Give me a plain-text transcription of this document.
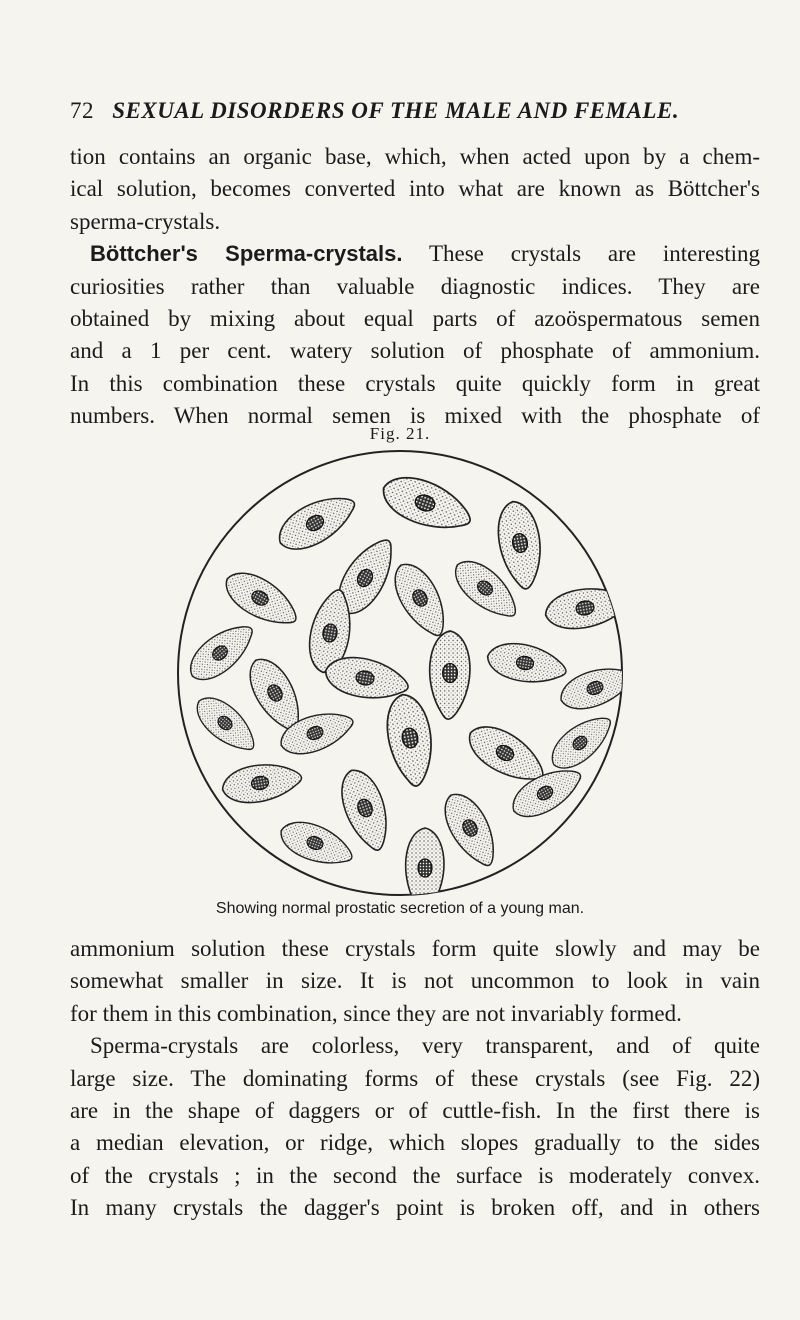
72 SEXUAL DISORDERS OF THE MALE AND FEMALE.
tion contains an organic base, which, when acted upon by a chem-
ical solution, becomes converted into what are known as Böttcher's
sperma-crystals.
Böttcher's Sperma-crystals. These crystals are interesting
curiosities rather than valuable diagnostic indices. They are
obtained by mixing about equal parts of azoöspermatous semen
and a 1 per cent. watery solution of phosphate of ammonium.
In this combination these crystals quite quickly form in great
numbers. When normal semen is mixed with the phosphate of
Fig. 21.
Showing normal prostatic secretion of a young man.
ammonium solution these crystals form quite slowly and may be
somewhat smaller in size. It is not uncommon to look in vain
for them in this combination, since they are not invariably formed.
Sperma-crystals are colorless, very transparent, and of quite
large size. The dominating forms of these crystals (see Fig. 22)
are in the shape of daggers or of cuttle-fish. In the first there is
a median elevation, or ridge, which slopes gradually to the sides
of the crystals ; in the second the surface is moderately convex.
In many crystals the dagger's point is broken off, and in others
